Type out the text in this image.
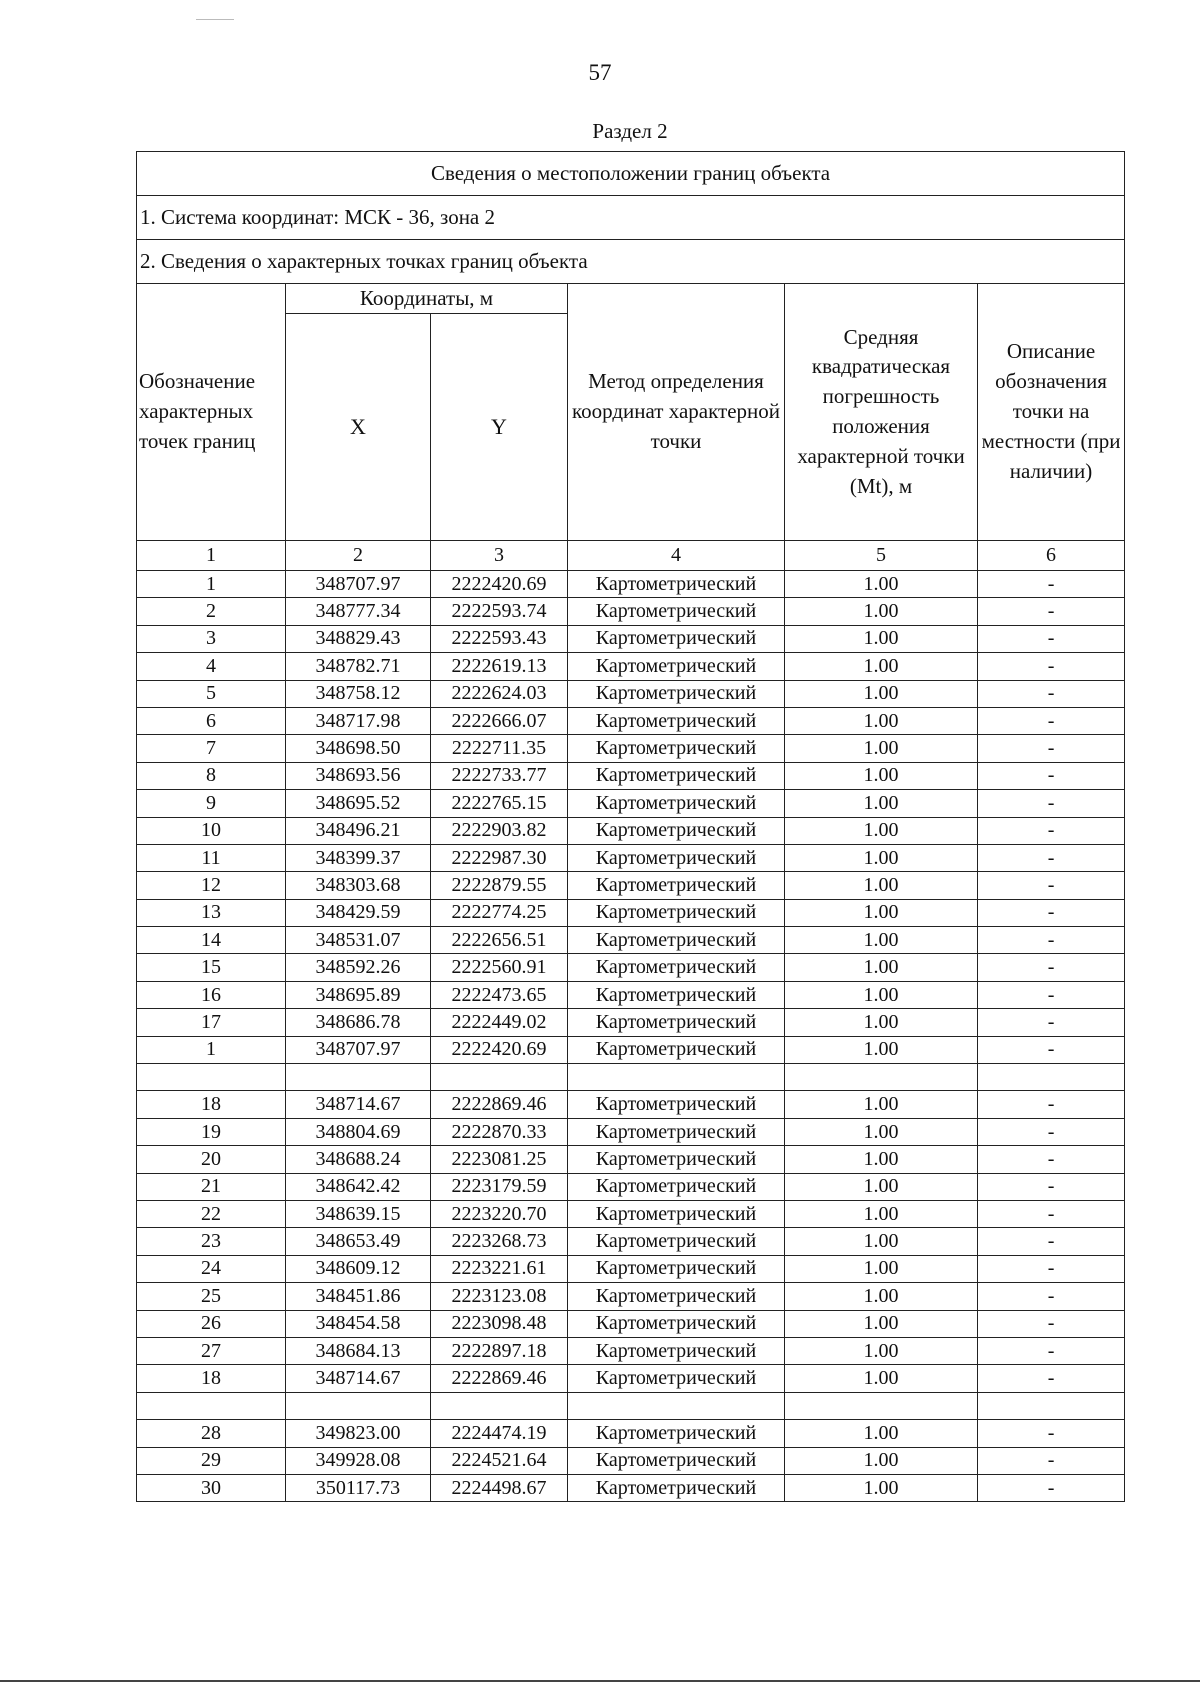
57
Раздел 2
Сведения о местоположении границ объекта					
1. Система координат: МСК - 36, зона 2					
2. Сведения о характерных точках границ объекта					
Обозначение характерных точек границ	Координаты, м		Метод определения координат характерной точки	Средняя квадратическая погрешность положения характерной точки (Mt), м	Описание обозначения точки на местности (при наличии)
	X	Y			
1	2	3	4	5	6
1	348707.97	2222420.69	Картометрический	1.00	-
2	348777.34	2222593.74	Картометрический	1.00	-
3	348829.43	2222593.43	Картометрический	1.00	-
4	348782.71	2222619.13	Картометрический	1.00	-
5	348758.12	2222624.03	Картометрический	1.00	-
6	348717.98	2222666.07	Картометрический	1.00	-
7	348698.50	2222711.35	Картометрический	1.00	-
8	348693.56	2222733.77	Картометрический	1.00	-
9	348695.52	2222765.15	Картометрический	1.00	-
10	348496.21	2222903.82	Картометрический	1.00	-
11	348399.37	2222987.30	Картометрический	1.00	-
12	348303.68	2222879.55	Картометрический	1.00	-
13	348429.59	2222774.25	Картометрический	1.00	-
14	348531.07	2222656.51	Картометрический	1.00	-
15	348592.26	2222560.91	Картометрический	1.00	-
16	348695.89	2222473.65	Картометрический	1.00	-
17	348686.78	2222449.02	Картометрический	1.00	-
1	348707.97	2222420.69	Картометрический	1.00	-

18	348714.67	2222869.46	Картометрический	1.00	-
19	348804.69	2222870.33	Картометрический	1.00	-
20	348688.24	2223081.25	Картометрический	1.00	-
21	348642.42	2223179.59	Картометрический	1.00	-
22	348639.15	2223220.70	Картометрический	1.00	-
23	348653.49	2223268.73	Картометрический	1.00	-
24	348609.12	2223221.61	Картометрический	1.00	-
25	348451.86	2223123.08	Картометрический	1.00	-
26	348454.58	2223098.48	Картометрический	1.00	-
27	348684.13	2222897.18	Картометрический	1.00	-
18	348714.67	2222869.46	Картометрический	1.00	-

28	349823.00	2224474.19	Картометрический	1.00	-
29	349928.08	2224521.64	Картометрический	1.00	-
30	350117.73	2224498.67	Картометрический	1.00	-
